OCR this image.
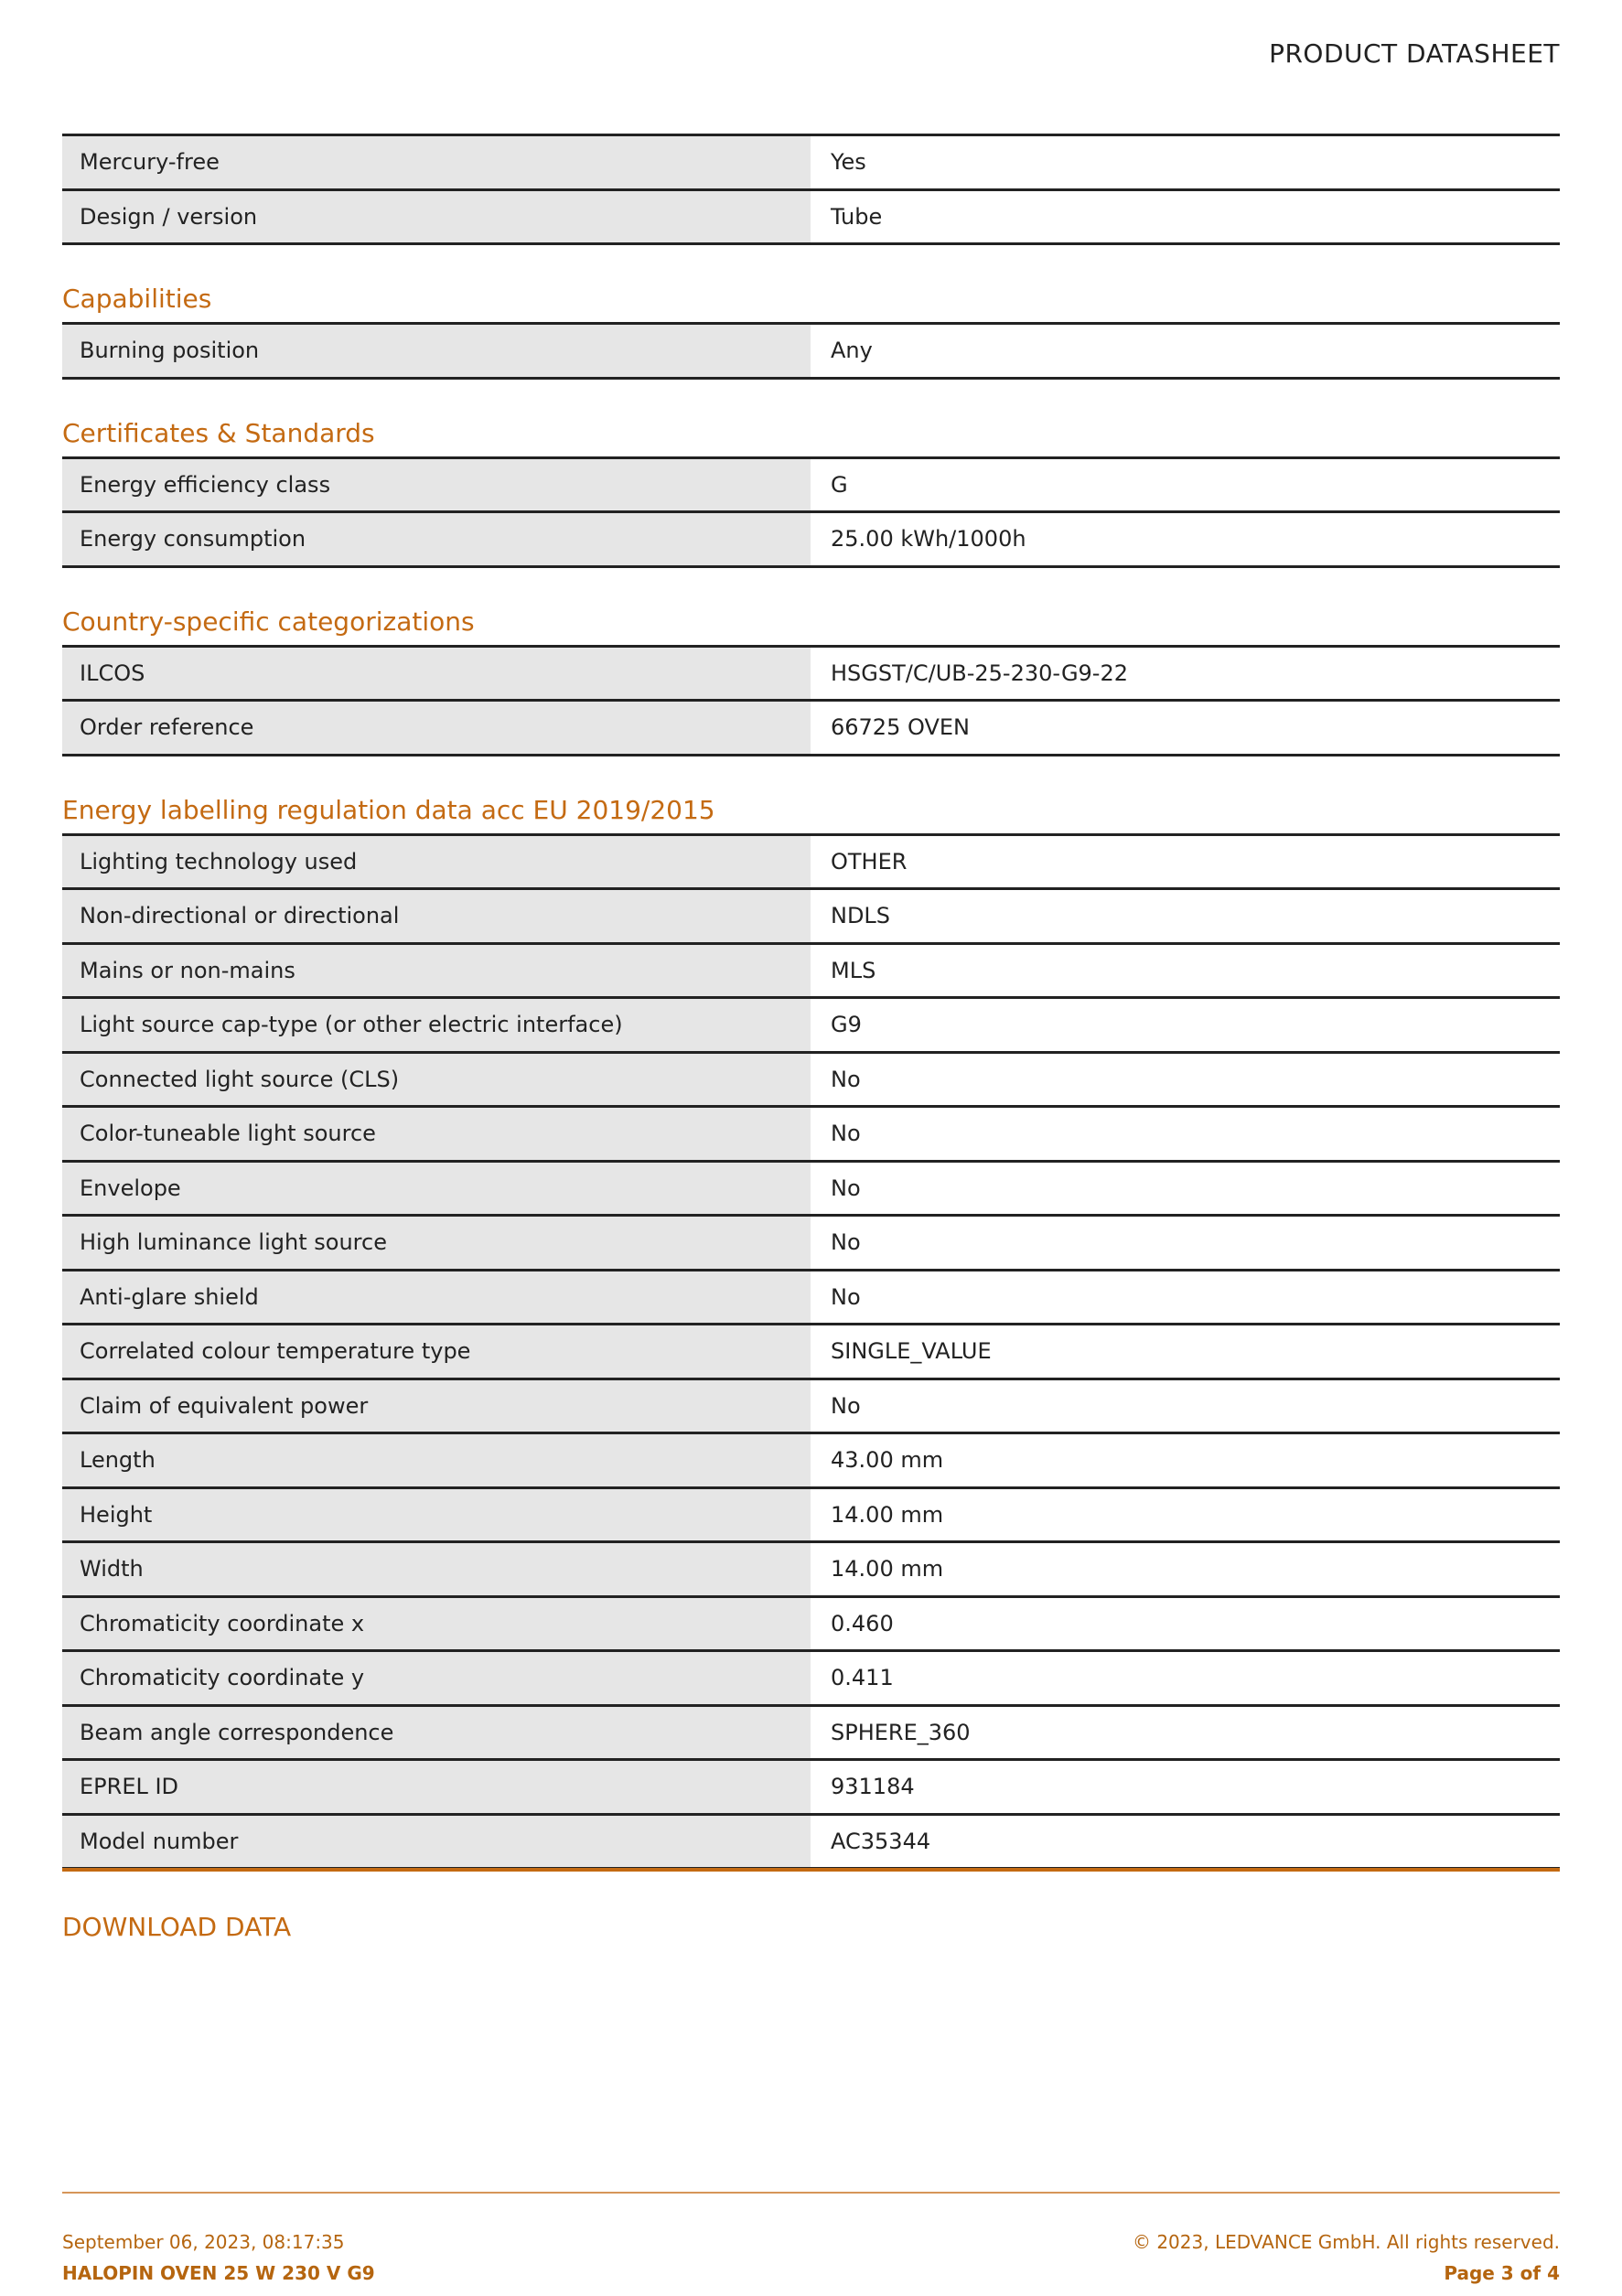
PRODUCT DATASHEET
Mercury-free	Yes
Design / version	Tube
Capabilities
Burning position	Any
Certificates & Standards
Energy efficiency class	G
Energy consumption	25.00 kWh/1000h
Country-specific categorizations
ILCOS	HSGST/C/UB-25-230-G9-22
Order reference	66725 OVEN
Energy labelling regulation data acc EU 2019/2015
Lighting technology used	OTHER
Non-directional or directional	NDLS
Mains or non-mains	MLS
Light source cap-type (or other electric interface)	G9
Connected light source (CLS)	No
Color-tuneable light source	No
Envelope	No
High luminance light source	No
Anti-glare shield	No
Correlated colour temperature type	SINGLE_VALUE
Claim of equivalent power	No
Length	43.00 mm
Height	14.00 mm
Width	14.00 mm
Chromaticity coordinate x	0.460
Chromaticity coordinate y	0.411
Beam angle correspondence	SPHERE_360
EPREL ID	931184
Model number	AC35344
DOWNLOAD DATA
September 06, 2023, 08:17:35
HALOPIN OVEN 25 W 230 V G9
© 2023, LEDVANCE GmbH. All rights reserved.
Page 3 of 4
